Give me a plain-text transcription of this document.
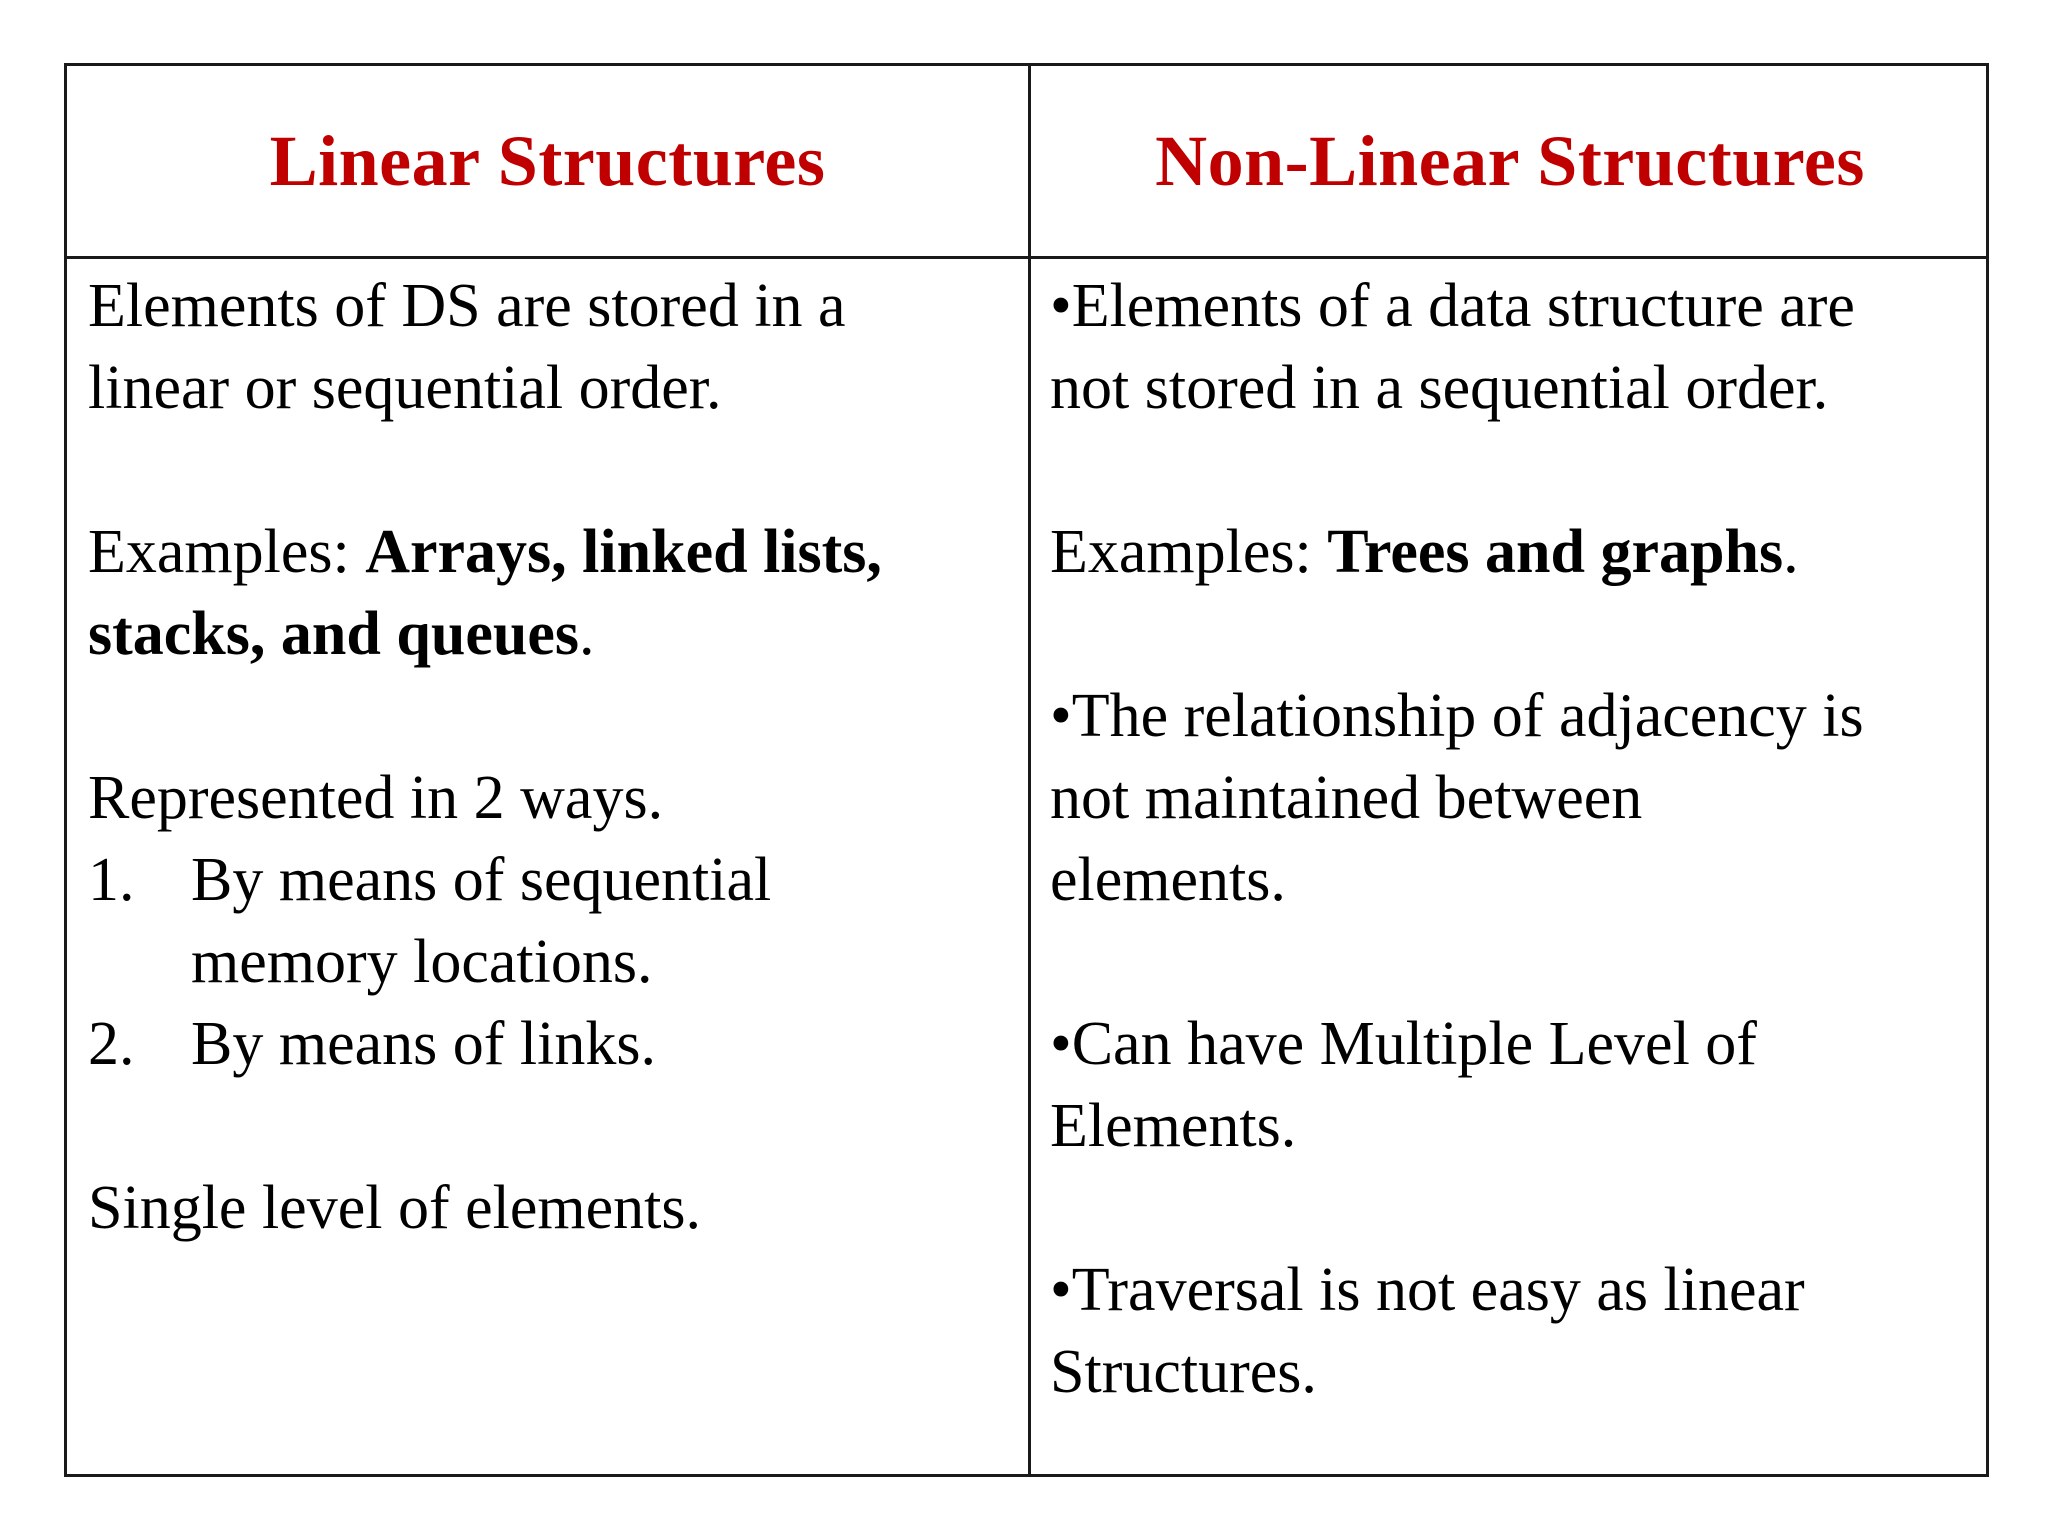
Linear Structures	Non-Linear Structures
Elements of DS are stored in a
linear or sequential order.
Examples: Arrays, linked lists,
stacks, and queues.
Represented in 2 ways.
1. By means of sequential
memory locations.
2. By means of links.
Single level of elements.
•Elements of a data structure are
not stored in a sequential order.
Examples: Trees and graphs.
•The relationship of adjacency is
not maintained between
elements.
•Can have Multiple Level of
Elements.
•Traversal is not easy as linear
Structures.
